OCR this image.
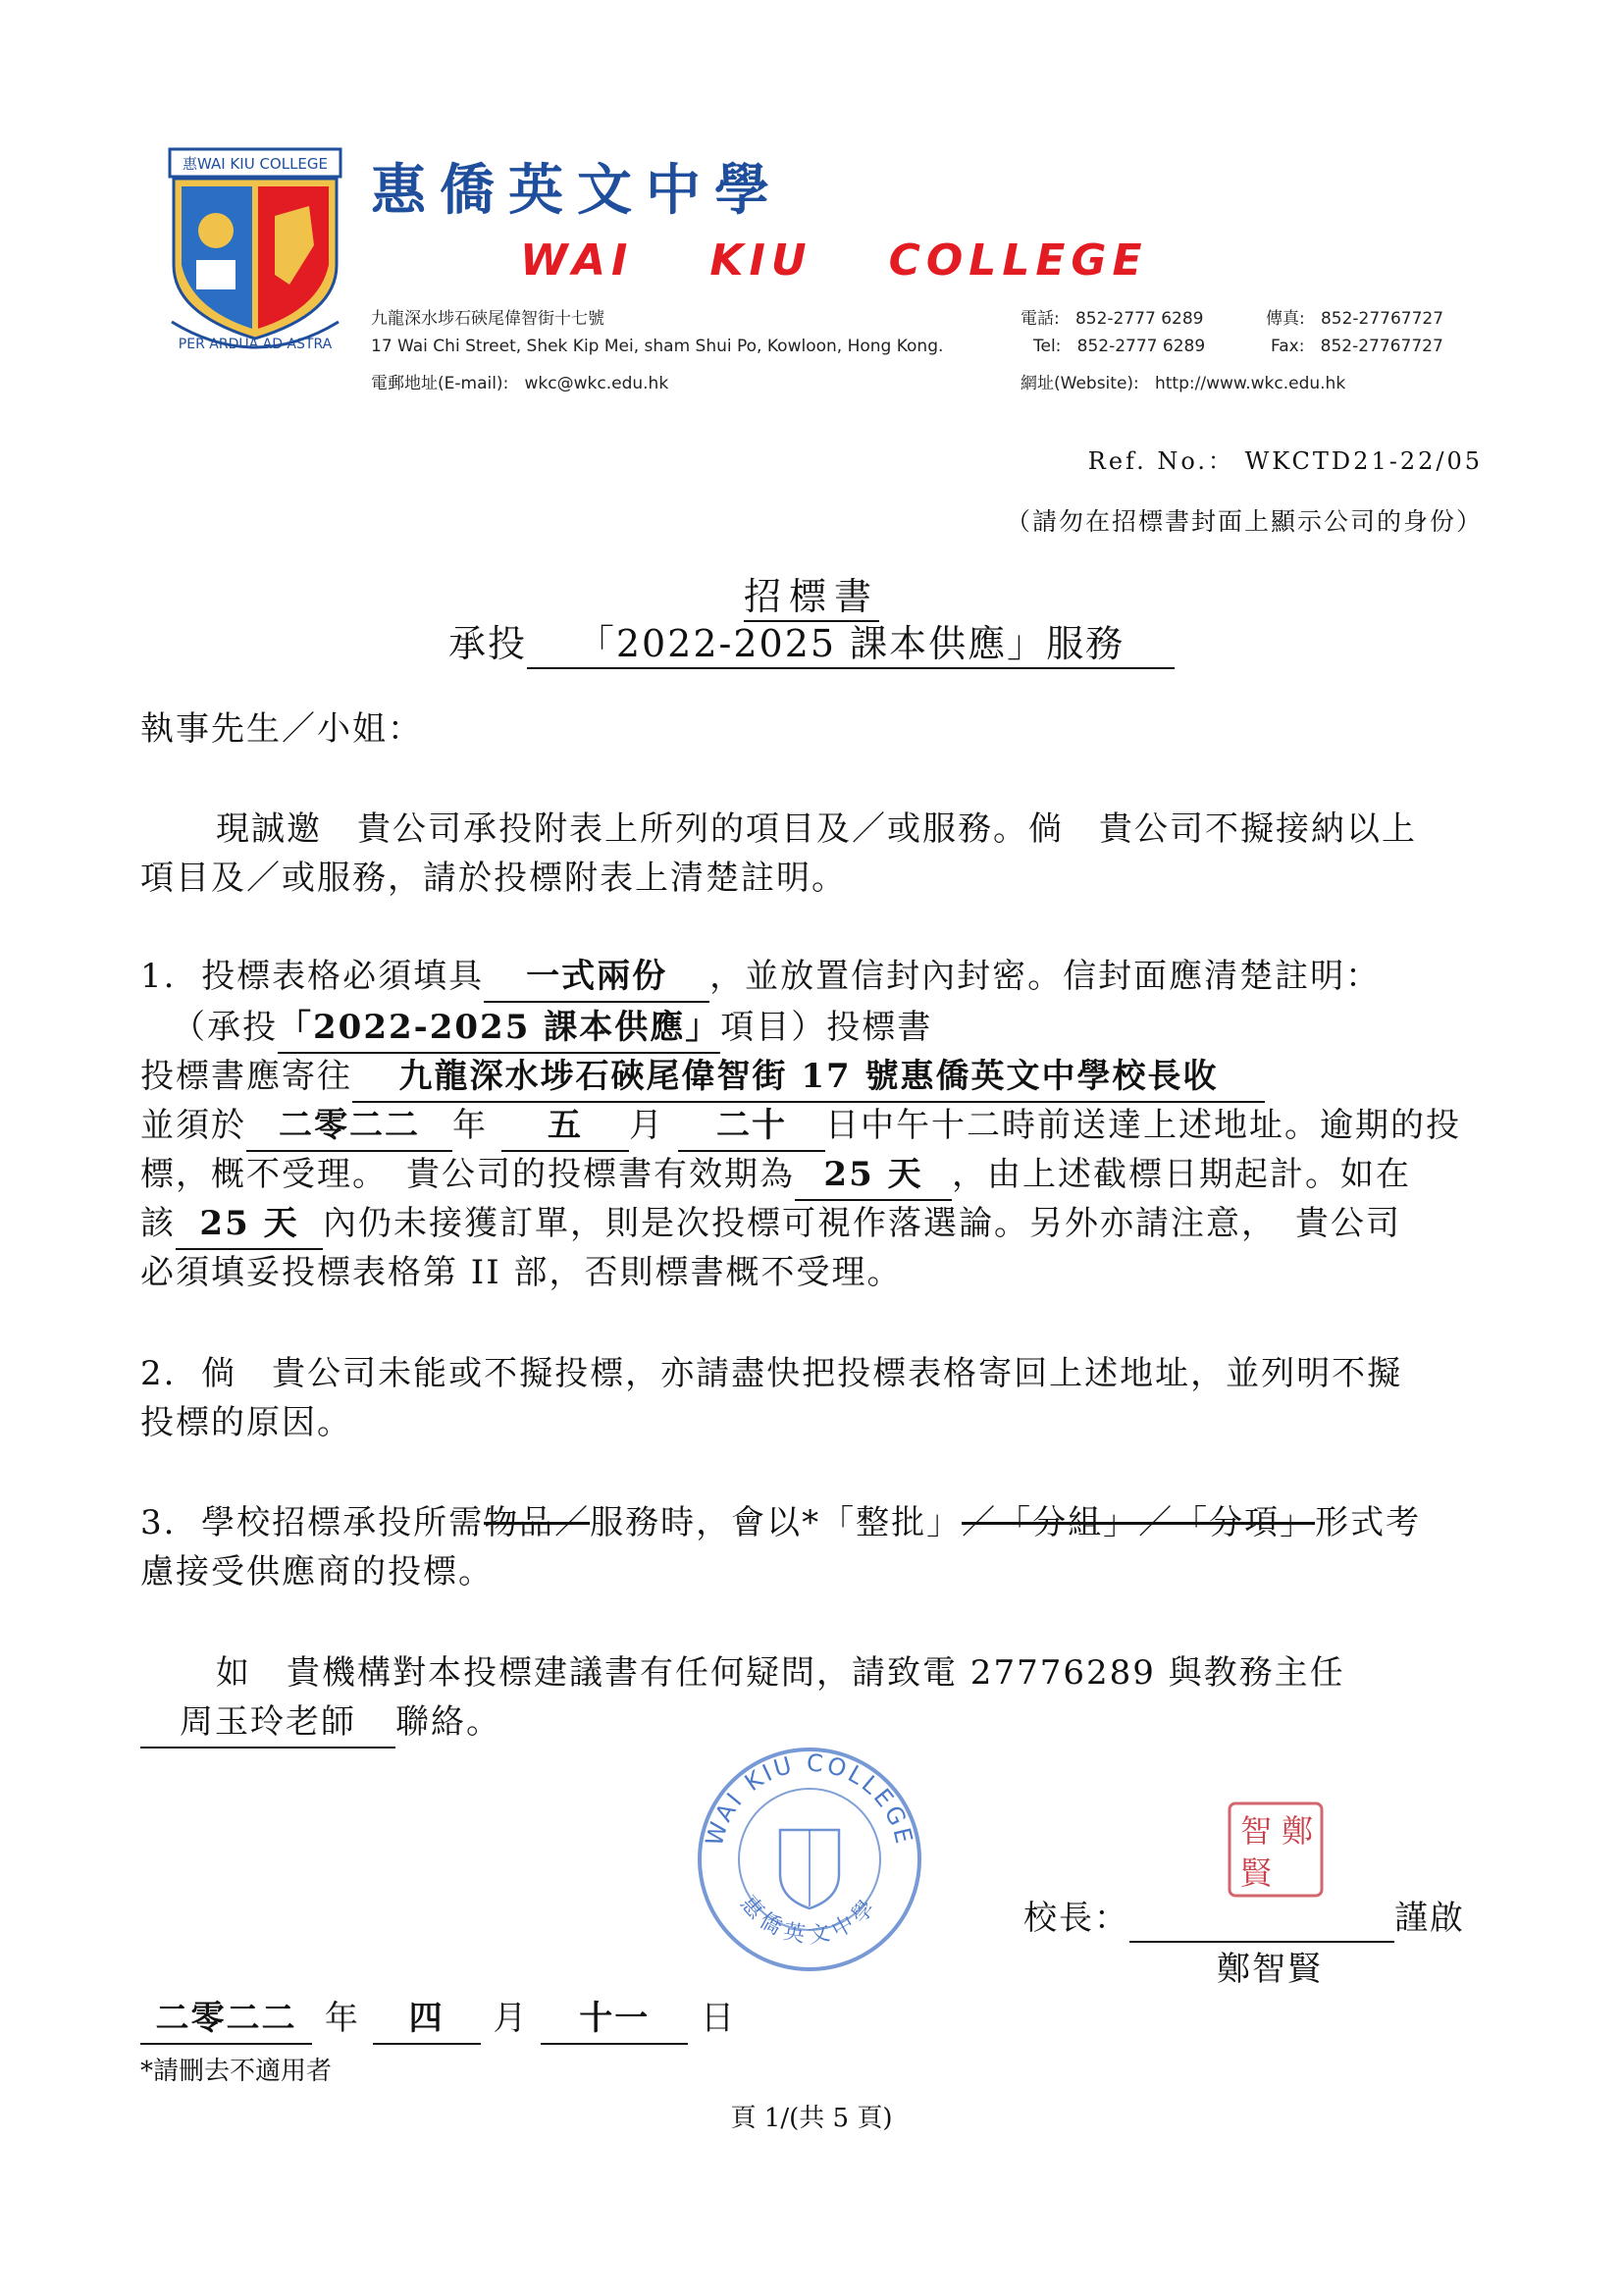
惠WAI KIU COLLEGE
PER ARDUA AD ASTRA
惠僑英文中學
WAI KIU COLLEGE
九龍深水埗石硤尾偉智街十七號
17 Wai Chi Street, Shek Kip Mei, sham Shui Po, Kowloon, Hong Kong.
電郵地址(E-mail): wkc@wkc.edu.hk
電話: 852-2777 6289	傳真: 852-27767727
Tel: 852-2777 6289	Fax: 852-27767727
網址(Website): http://www.wkc.edu.hk
Ref. No.： WKCTD21-22/05
（請勿在招標書封面上顯示公司的身份）
招標書
承投 「2022-2025 課本供應」服務
執事先生／小姐：
現誠邀　貴公司承投附表上所列的項目及／或服務。倘　貴公司不擬接納以上
項目及／或服務，請於投標附表上清楚註明。
1. 投標表格必須填具 一式兩份 ，並放置信封內封密。信封面應清楚註明：
（承投「2022-2025 課本供應」項目）投標書
投標書應寄往 九龍深水埗石硤尾偉智街 17 號惠僑英文中學校長收
並須於 二零二二 年 五 月 二十 日中午十二時前送達上述地址。逾期的投
標，概不受理。　貴公司的投標書有效期為 25 天 ，由上述截標日期起計。如在
該 25 天 內仍未接獲訂單，則是次投標可視作落選論。另外亦請注意，　貴公司
必須填妥投標表格第 II 部，否則標書概不受理。
2. 倘　貴公司未能或不擬投標，亦請盡快把投標表格寄回上述地址，並列明不擬
投標的原因。
3. 學校招標承投所需物品／服務時，會以*「整批」／「分組」／「分項」形式考
慮接受供應商的投標。
如　貴機構對本投標建議書有任何疑問，請致電 27776289 與教務主任
周玉玲老師 聯絡。
WAI KIU COLLEGE
惠僑英文中學
鄭
智
賢
校長：	謹啟
鄭智賢
二零二二 年 四 月 十一 日
*請刪去不適用者
頁 1/(共 5 頁)
